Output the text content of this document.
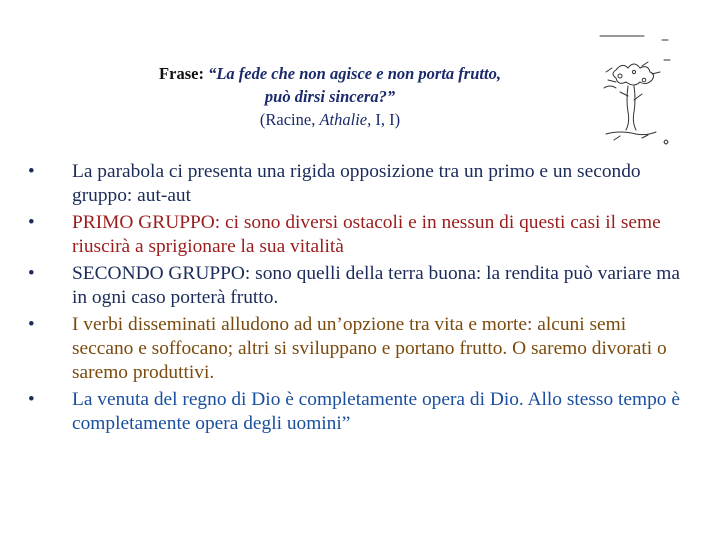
Frase: “La fede che non agisce e non porta frutto,
può dirsi sincera?”
(Racine, Athalie, I, I)
•	La parabola ci presenta una rigida opposizione tra un primo e un secondo gruppo: aut-aut
•	PRIMO GRUPPO: ci sono diversi ostacoli e in nessun di questi casi il seme riuscirà a sprigionare la sua vitalità
•	SECONDO GRUPPO: sono quelli della terra buona: la rendita può variare ma in ogni caso porterà frutto.
•	I verbi disseminati alludono ad un’opzione tra vita e morte: alcuni semi seccano e soffocano; altri si sviluppano e portano frutto. O saremo divorati o saremo produttivi.
•	La venuta del regno di Dio è completamente opera di Dio. Allo stesso tempo è completamente opera degli uomini”
